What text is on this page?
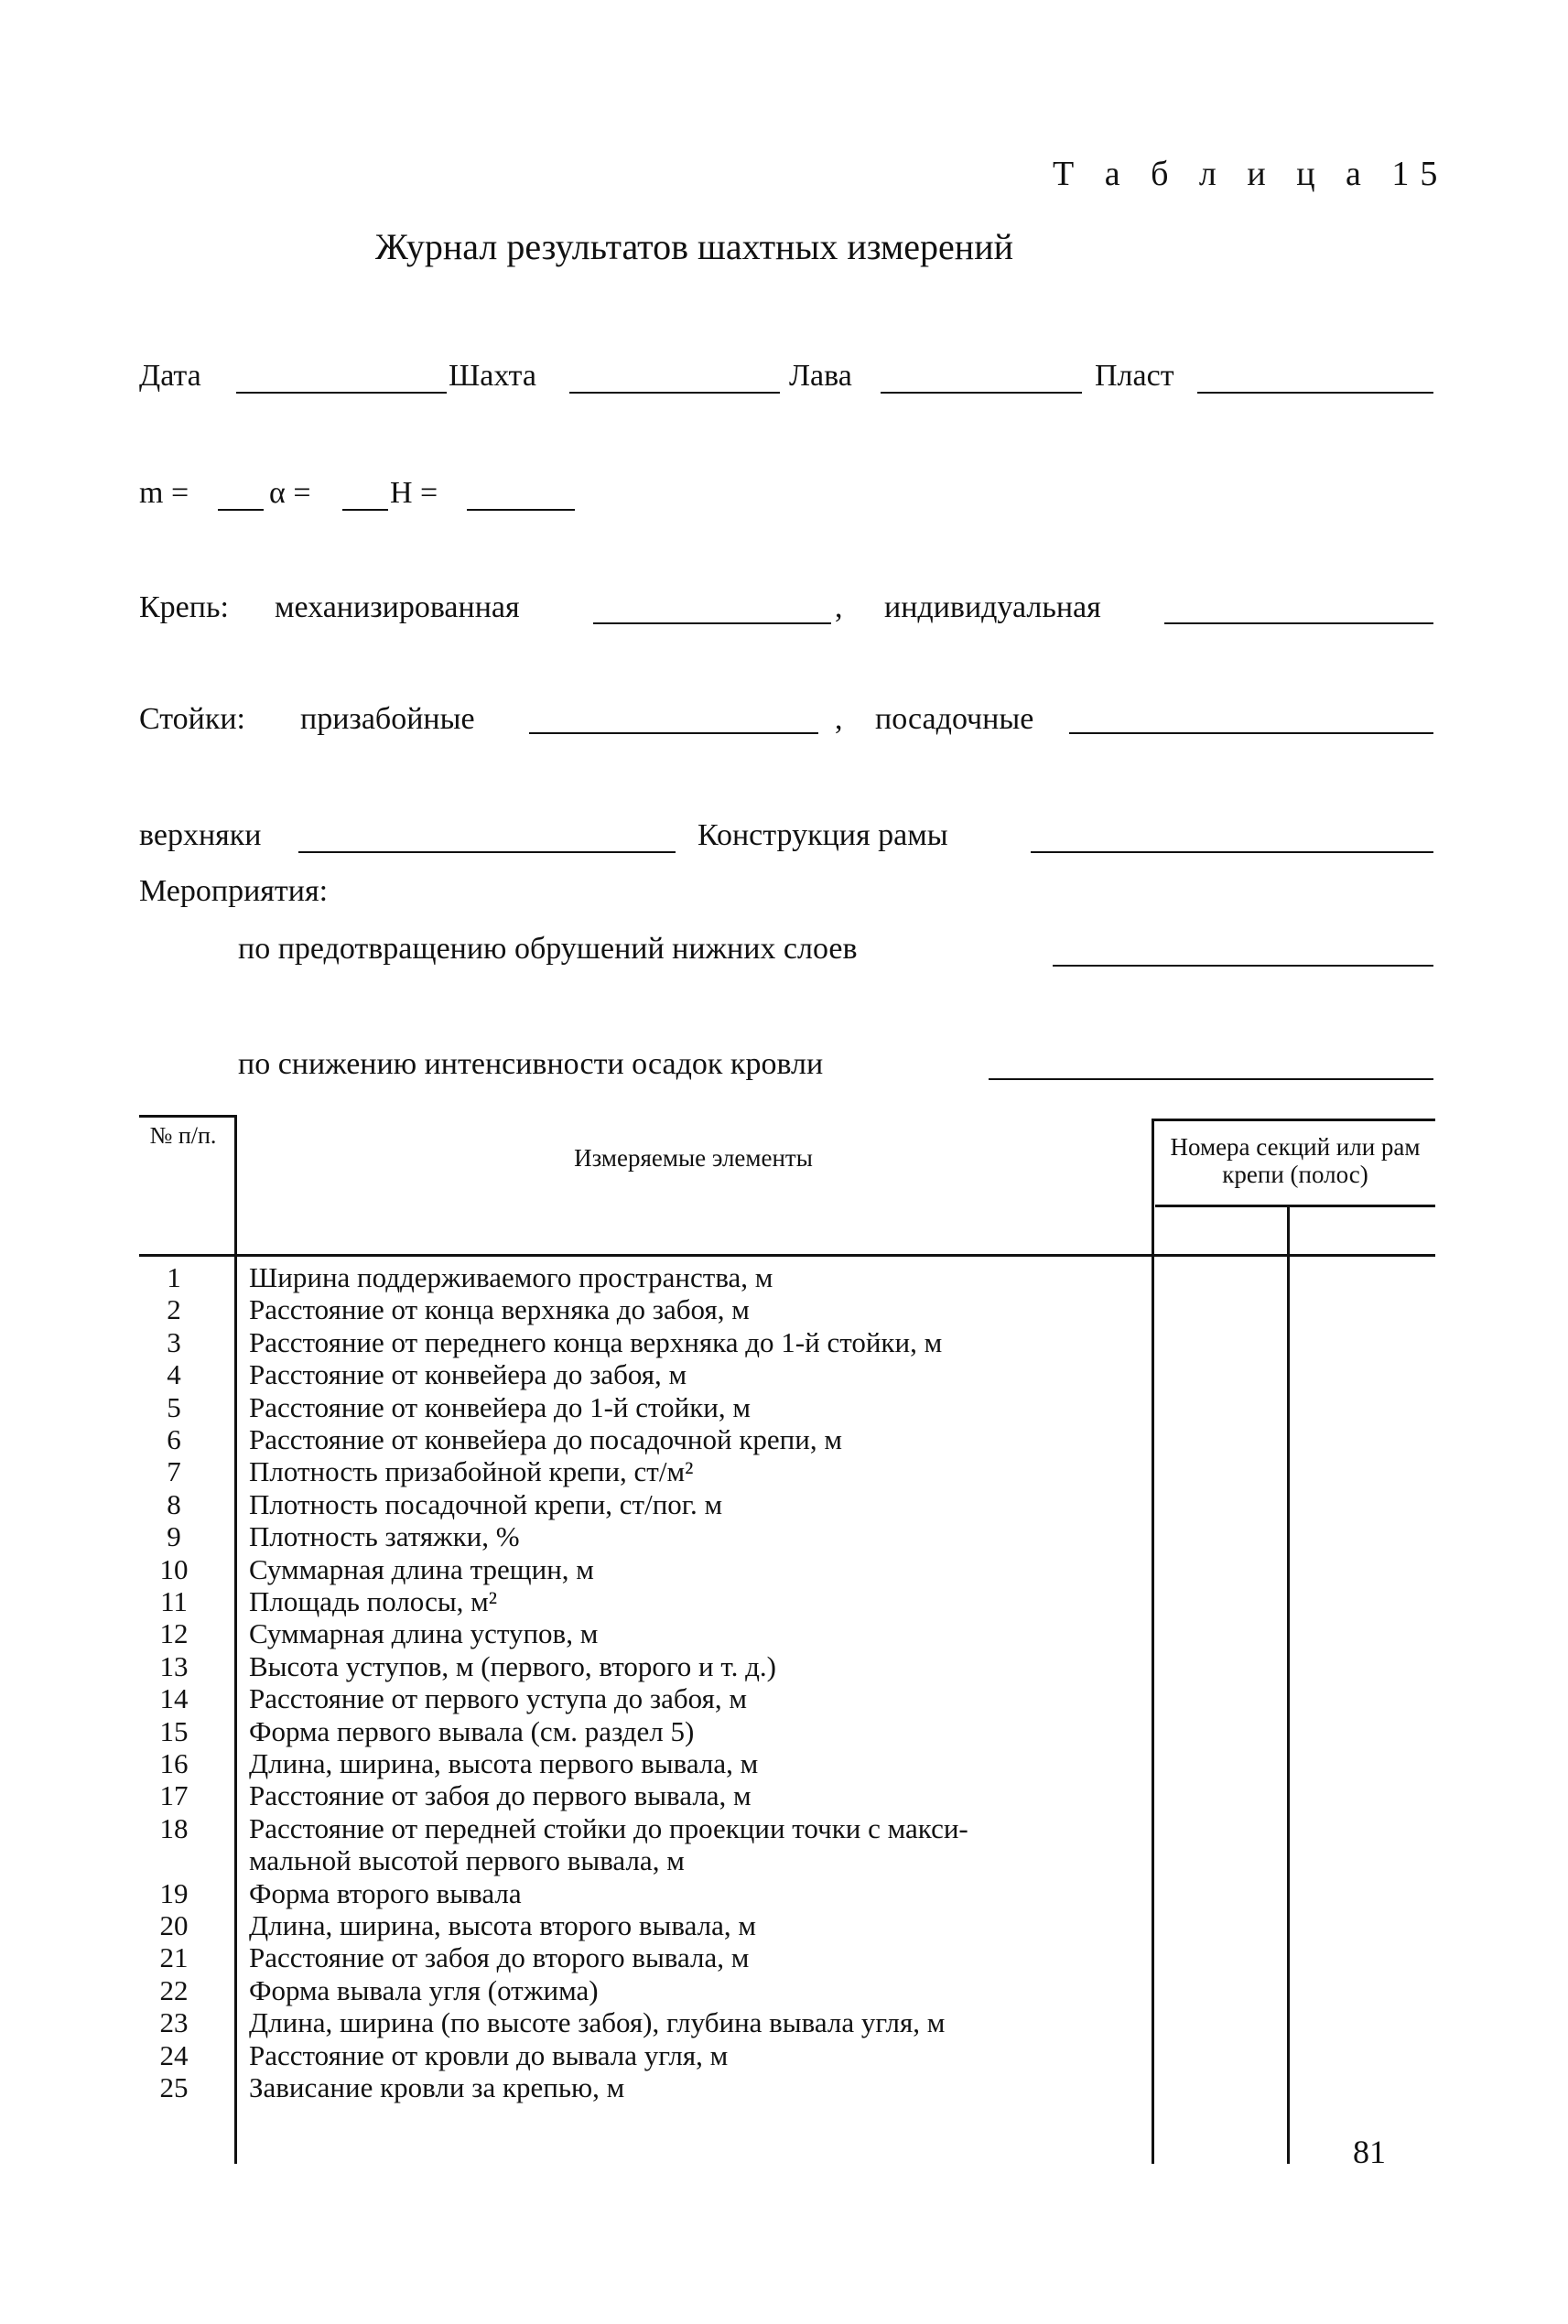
Т а б л и ц а 15
Журнал результатов шахтных измерений
Дата	Шахта	Лава	Пласт
m =	α =	H =
Крепь: механизированная	, индивидуальная
Стойки: призабойные	, посадочные
верхняки	Конструкция рамы
Мероприятия:
по предотвращению обрушений нижних слоев
по снижению интенсивности осадок кровли
№ п/п.
Измеряемые элементы	Номера секций или рам крепи (полос)
1	Ширина поддерживаемого пространства, м
2	Расстояние от конца верхняка до забоя, м
3	Расстояние от переднего конца верхняка до 1-й стойки, м
4	Расстояние от конвейера до забоя, м
5	Расстояние от конвейера до 1-й стойки, м
6	Расстояние от конвейера до посадочной крепи, м
7	Плотность призабойной крепи, ст/м²
8	Плотность посадочной крепи, ст/пог. м
9	Плотность затяжки, %
10	Суммарная длина трещин, м
11	Площадь полосы, м²
12	Суммарная длина уступов, м
13	Высота уступов, м (первого, второго и т. д.)
14	Расстояние от первого уступа до забоя, м
15	Форма первого вывала (см. раздел 5)
16	Длина, ширина, высота первого вывала, м
17	Расстояние от забоя до первого вывала, м
18	Расстояние от передней стойки до проекции точки с макси-
мальной высотой первого вывала, м
19	Форма второго вывала
20	Длина, ширина, высота второго вывала, м
21	Расстояние от забоя до второго вывала, м
22	Форма вывала угля (отжима)
23	Длина, ширина (по высоте забоя), глубина вывала угля, м
24	Расстояние от кровли до вывала угля, м
25	Зависание кровли за крепью, м
81
